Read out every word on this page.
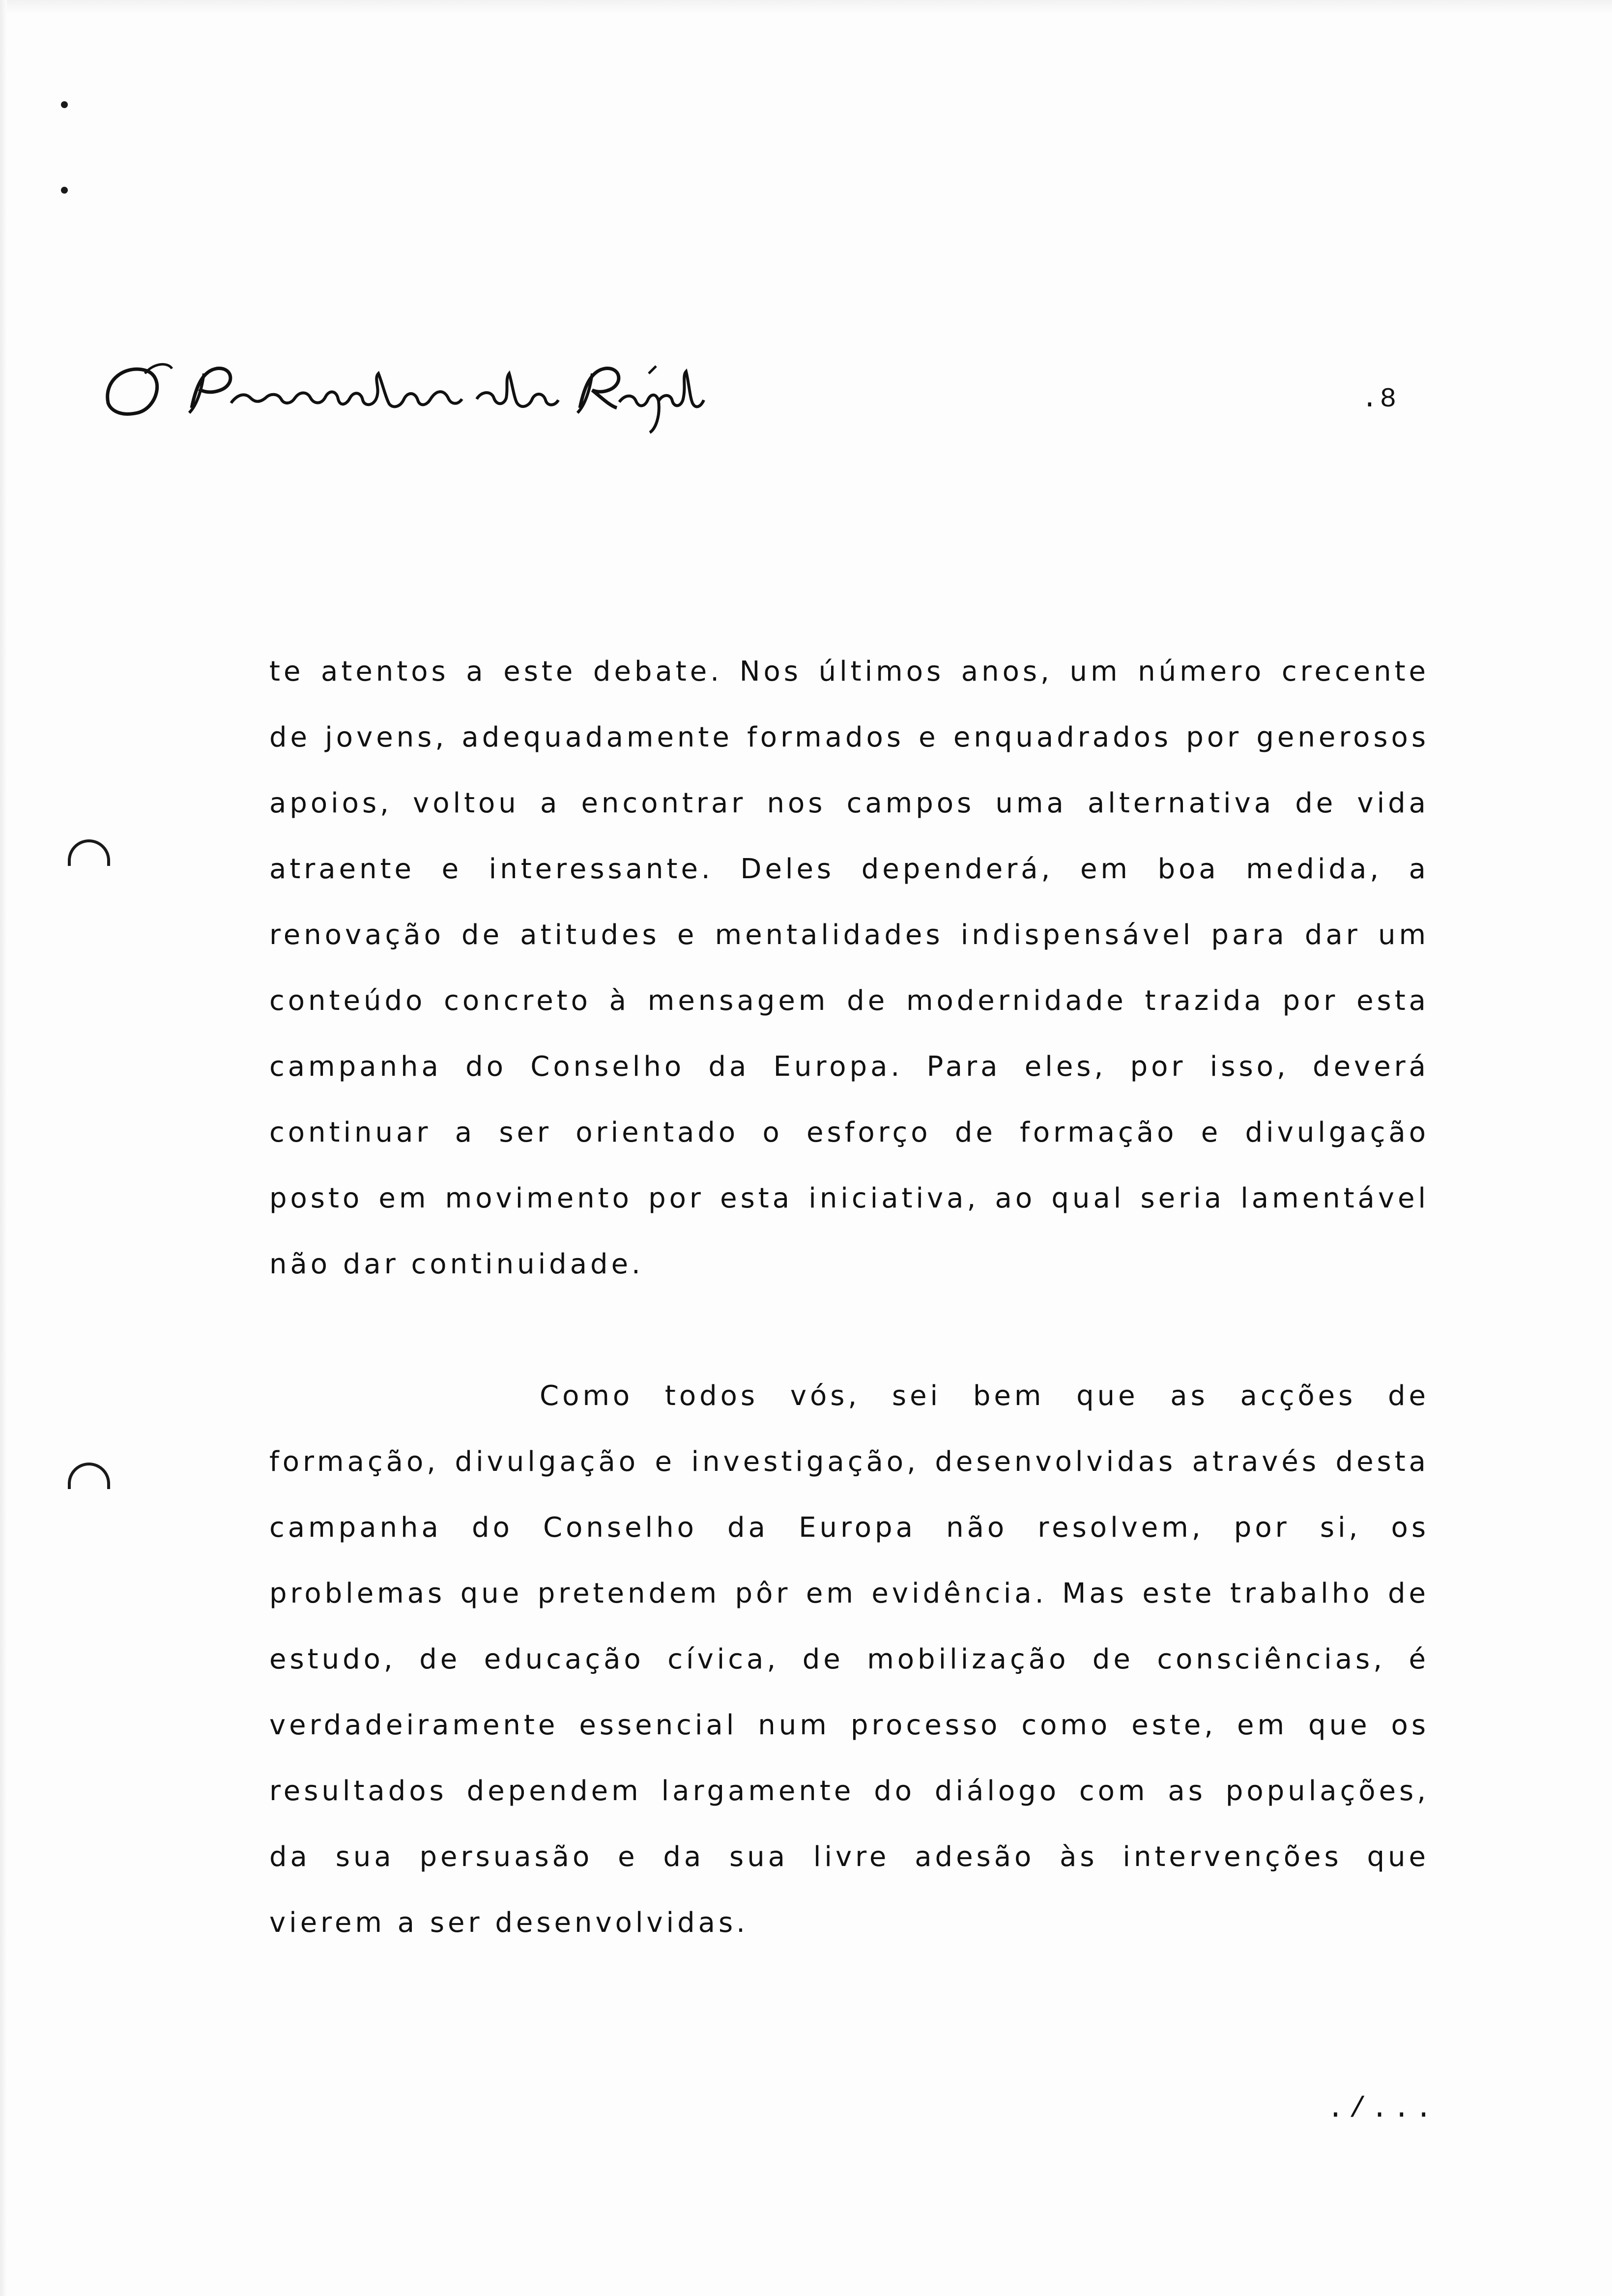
.8

te atentos a este debate. Nos últimos anos, um número crecente de jovens, adequadamente formados e enquadrados por generosos apoios, voltou a encontrar nos campos uma alternativa de vida atraente e interessante. Deles dependerá, em boa medida, a renovação de atitudes e mentalidades indispensável para dar um conteúdo concreto à mensagem de modernidade trazida por esta campanha do Conselho da Europa. Para eles, por isso, deverá continuar a ser orientado o esforço de formação e divulgação posto em movimento por esta iniciativa, ao qual seria lamentável não dar continuidade.

Como todos vós, sei bem que as acções de formação, divulgação e investigação, desenvolvidas através desta campanha do Conselho da Europa não resolvem, por si, os problemas que pretendem pôr em evidência. Mas este trabalho de estudo, de educação cívica, de mobilização de consciências, é verdadeiramente essencial num processo como este, em que os resultados dependem largamente do diálogo com as populações, da sua persuasão e da sua livre adesão às intervenções que vierem a ser desenvolvidas.

./...
